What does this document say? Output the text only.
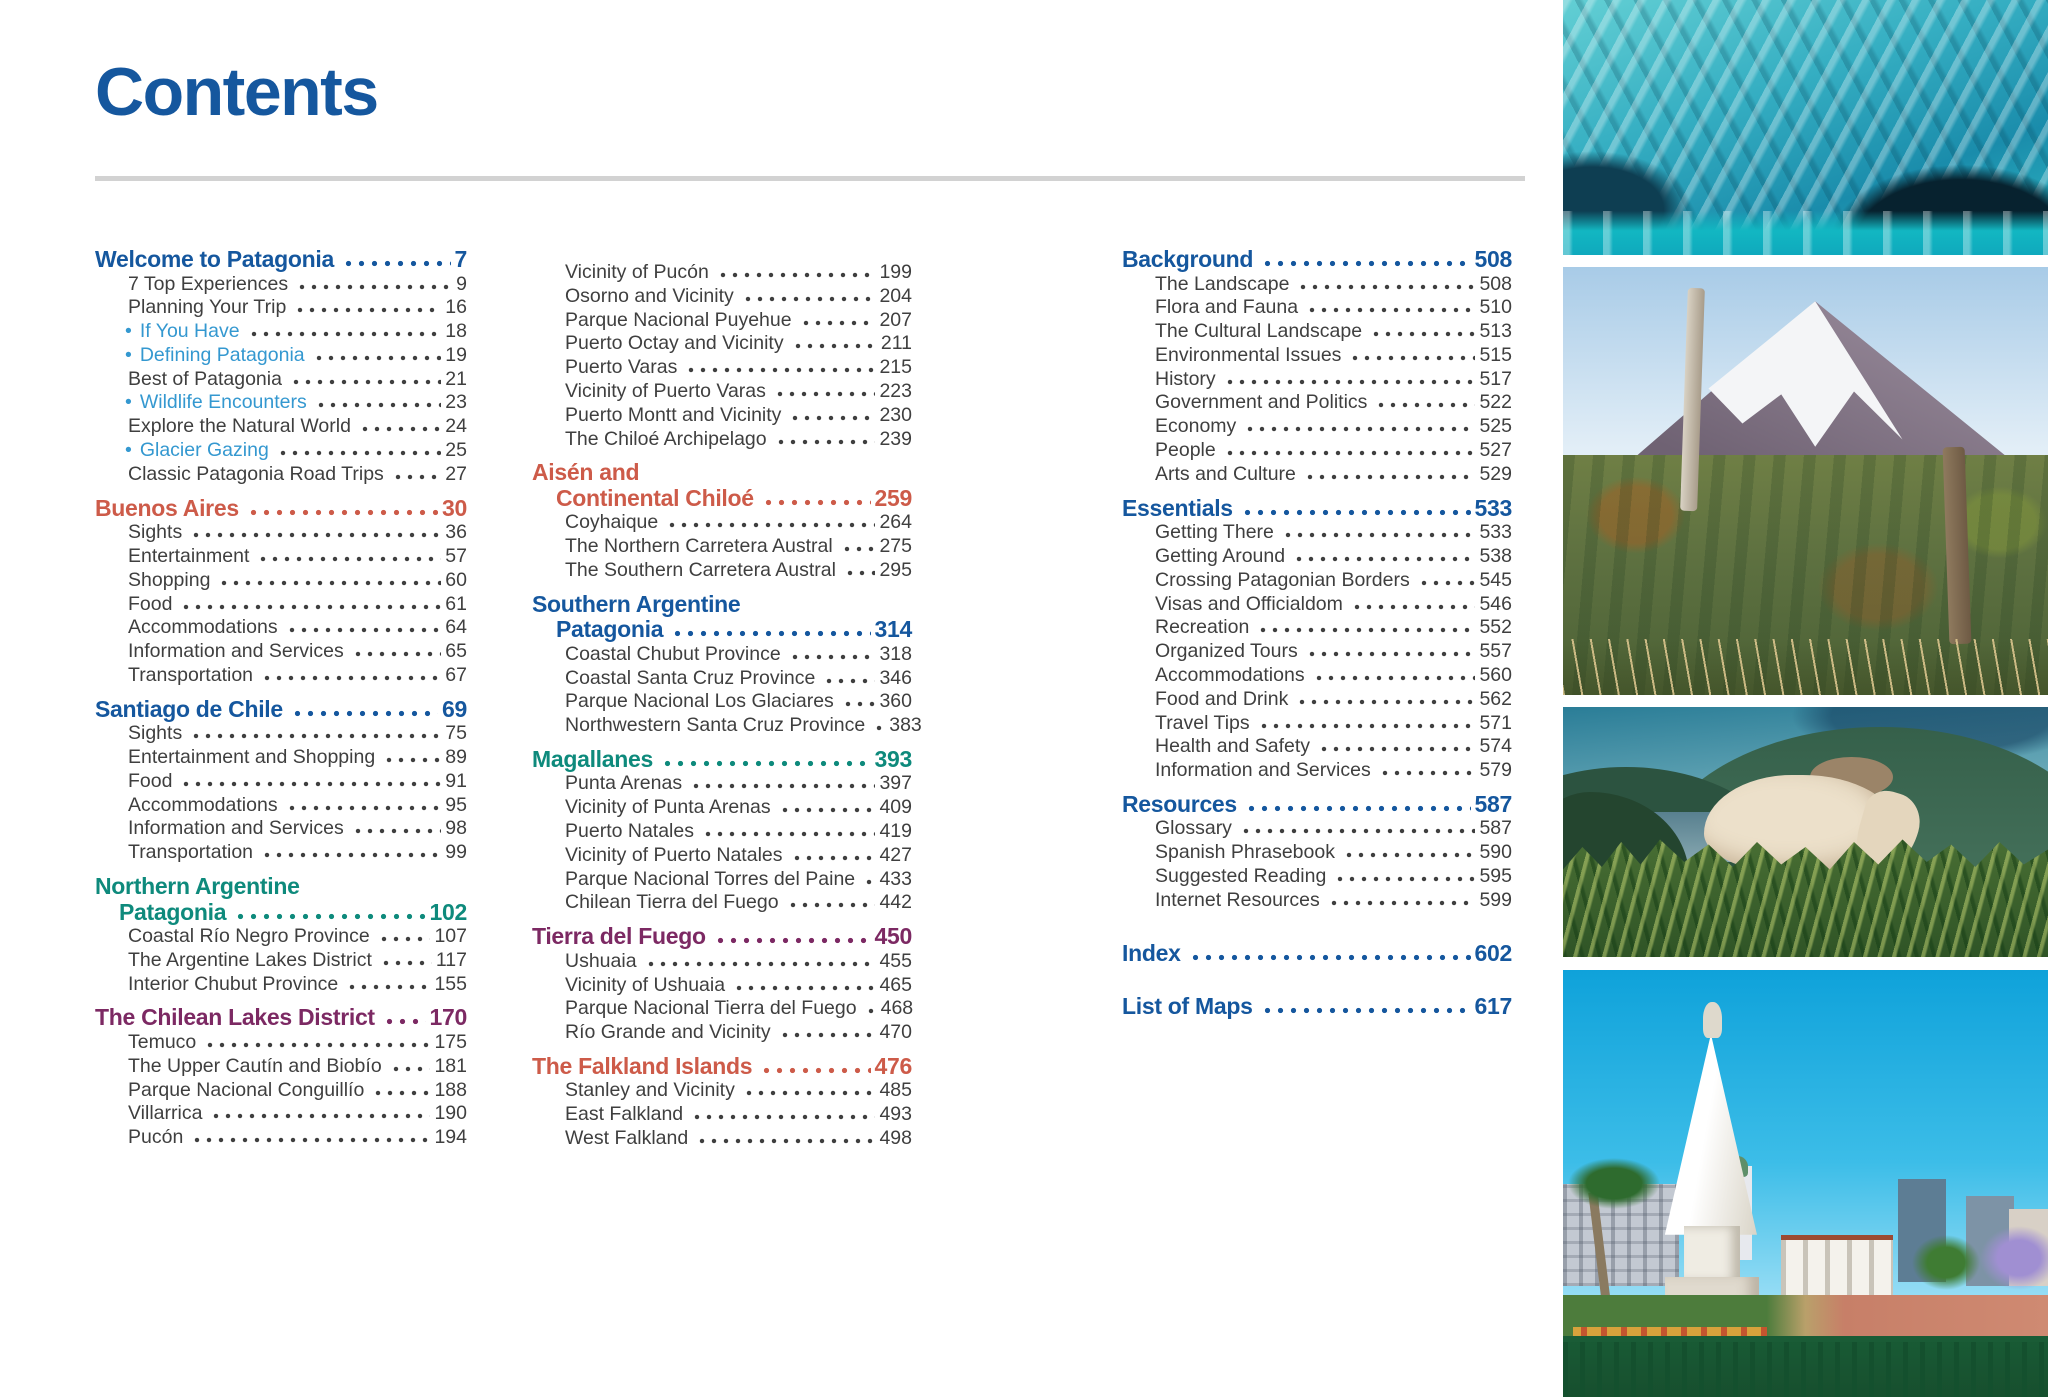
Contents
Welcome to Patagonia	7
7 Top Experiences	9
Planning Your Trip	16
• If You Have	18
• Defining Patagonia	19
Best of Patagonia	21
• Wildlife Encounters	23
Explore the Natural World	24
• Glacier Gazing	25
Classic Patagonia Road Trips	27
Buenos Aires	30
Sights	36
Entertainment	57
Shopping	60
Food	61
Accommodations	64
Information and Services	65
Transportation	67
Santiago de Chile	69
Sights	75
Entertainment and Shopping	89
Food	91
Accommodations	95
Information and Services	98
Transportation	99
Northern Argentine
Patagonia	102
Coastal Río Negro Province	107
The Argentine Lakes District	117
Interior Chubut Province	155
The Chilean Lakes District 170
Temuco	175
The Upper Cautín and Biobío	181
Parque Nacional Conguillío	188
Villarrica	190
Pucón	194
Vicinity of Pucón	199
Osorno and Vicinity	204
Parque Nacional Puyehue	207
Puerto Octay and Vicinity	211
Puerto Varas	215
Vicinity of Puerto Varas	223
Puerto Montt and Vicinity	230
The Chiloé Archipelago	239
Aisén and
Continental Chiloé	259
Coyhaique	264
The Northern Carretera Austral 275
The Southern Carretera Austral 295
Southern Argentine
Patagonia	314
Coastal Chubut Province	318
Coastal Santa Cruz Province	346
Parque Nacional Los Glaciares 360
Northwestern Santa Cruz Province 383
Magallanes	393
Punta Arenas	397
Vicinity of Punta Arenas	409
Puerto Natales	419
Vicinity of Puerto Natales	427
Parque Nacional Torres del Paine 433
Chilean Tierra del Fuego	442
Tierra del Fuego	450
Ushuaia	455
Vicinity of Ushuaia	465
Parque Nacional Tierra del Fuego 468
Río Grande and Vicinity	470
The Falkland Islands	476
Stanley and Vicinity	485
East Falkland	493
West Falkland	498
Background	508
The Landscape	508
Flora and Fauna	510
The Cultural Landscape	513
Environmental Issues	515
History	517
Government and Politics	522
Economy	525
People	527
Arts and Culture	529
Essentials	533
Getting There	533
Getting Around	538
Crossing Patagonian Borders	545
Visas and Officialdom	546
Recreation	552
Organized Tours	557
Accommodations	560
Food and Drink	562
Travel Tips	571
Health and Safety	574
Information and Services	579
Resources	587
Glossary	587
Spanish Phrasebook	590
Suggested Reading	595
Internet Resources	599
Index	602
List of Maps	617
